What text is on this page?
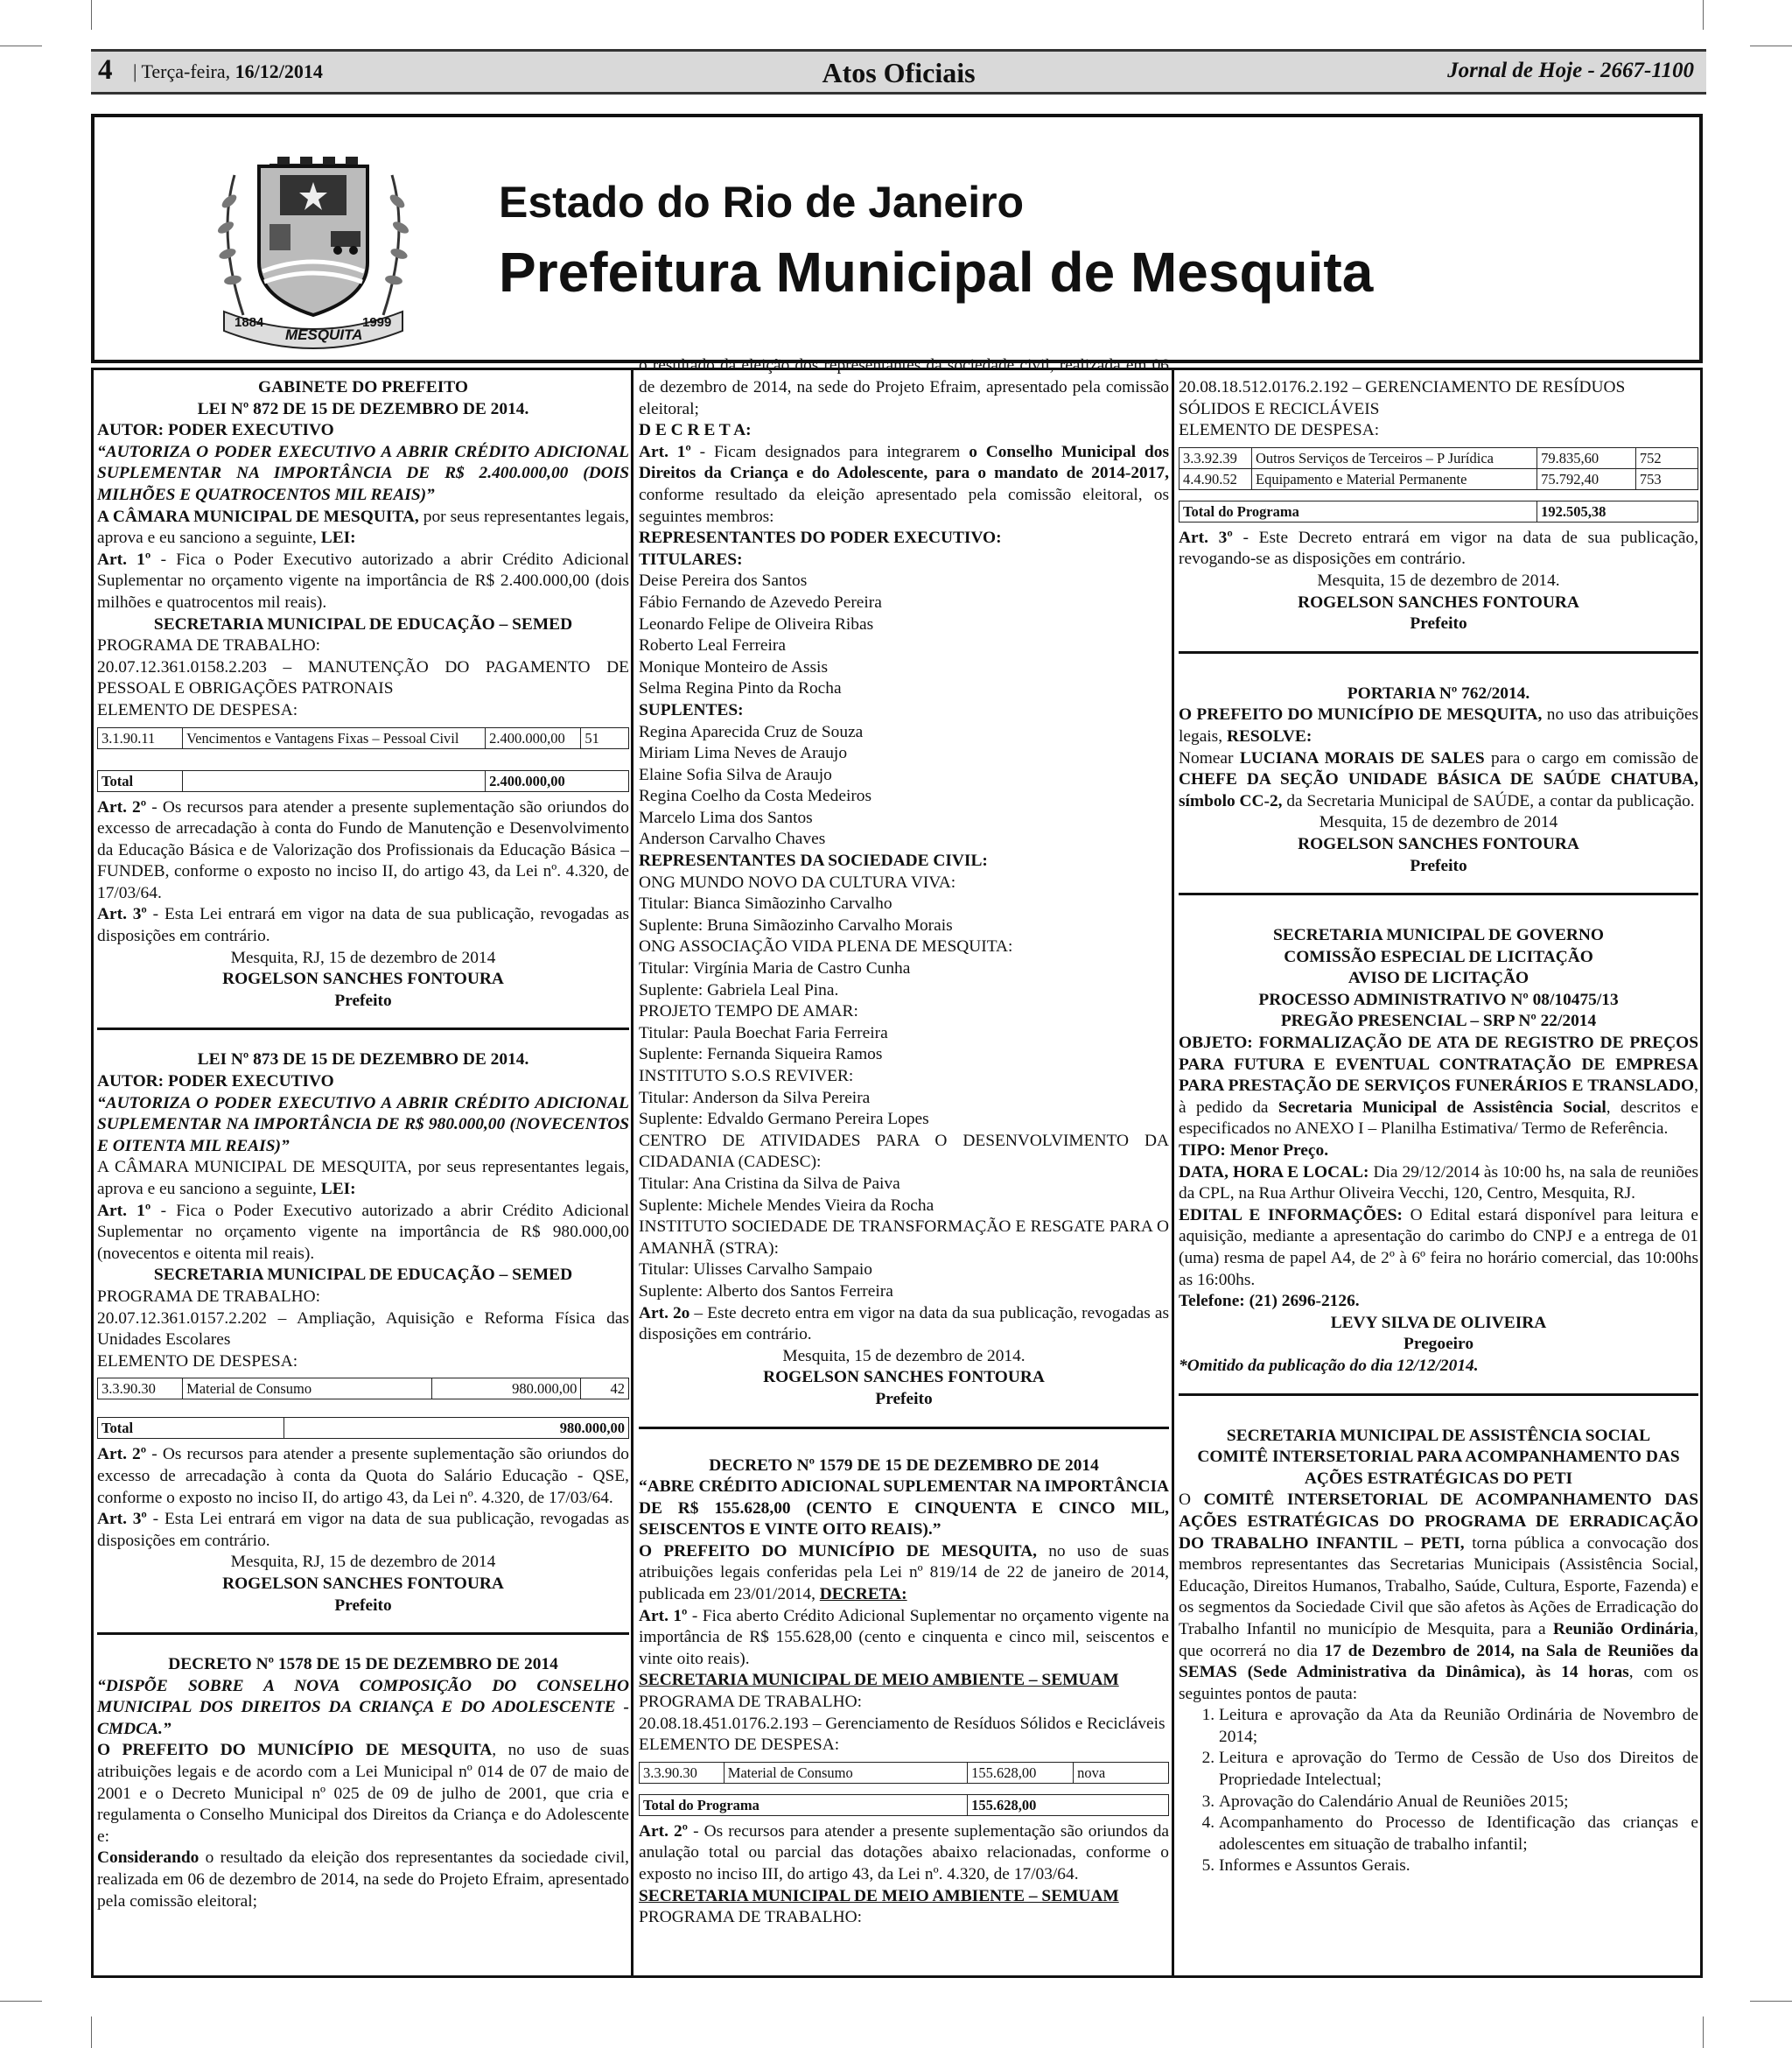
4 | Terça-feira, 16/12/2014	Atos Oficiais	Jornal de Hoje - 2667-1100
1884
MESQUITA
1999
Estado do Rio de Janeiro
Prefeitura Municipal de Mesquita

GABINETE DO PREFEITO

LEI Nº 872 DE 15 DE DEZEMBRO DE 2014.

AUTOR: PODER EXECUTIVO

“AUTORIZA O PODER EXECUTIVO A ABRIR CRÉDITO ADICIONAL SUPLEMENTAR NA IMPORTÂNCIA DE R$ 2.400.000,00 (DOIS MILHÕES E QUATROCENTOS MIL REAIS)”

A CÂMARA MUNICIPAL DE MESQUITA, por seus representantes legais, aprova e eu sanciono a seguinte, LEI:

Art. 1º - Fica o Poder Executivo autorizado a abrir Crédito Adicional Suplementar no orçamento vigente na importância de R$ 2.400.000,00 (dois milhões e quatrocentos mil reais).

SECRETARIA MUNICIPAL DE EDUCAÇÃO – SEMED

PROGRAMA DE TRABALHO:

20.07.12.361.0158.2.203 – MANUTENÇÃO DO PAGAMENTO DE PESSOAL E OBRIGAÇÕES PATRONAIS

ELEMENTO DE DESPESA:

3.1.90.11	Vencimentos e Vantagens Fixas – Pessoal Civil	2.400.000,00	51
Total		2.400.000,00

Art. 2º - Os recursos para atender a presente suplementação são oriundos do excesso de arrecadação à conta do Fundo de Manutenção e Desenvolvimento da Educação Básica e de Valorização dos Profissionais da Educação Básica – FUNDEB, conforme o exposto no inciso II, do artigo 43, da Lei nº. 4.320, de 17/03/64.

Art. 3º - Esta Lei entrará em vigor na data de sua publicação, revogadas as disposições em contrário.

Mesquita, RJ, 15 de dezembro de 2014

ROGELSON SANCHES FONTOURA

Prefeito

LEI Nº 873 DE 15 DE DEZEMBRO DE 2014.

AUTOR: PODER EXECUTIVO

“AUTORIZA O PODER EXECUTIVO A ABRIR CRÉDITO ADICIONAL SUPLEMENTAR NA IMPORTÂNCIA DE R$ 980.000,00 (NOVECENTOS E OITENTA MIL REAIS)”

A CÂMARA MUNICIPAL DE MESQUITA, por seus representantes legais, aprova e eu sanciono a seguinte, LEI:

Art. 1º - Fica o Poder Executivo autorizado a abrir Crédito Adicional Suplementar no orçamento vigente na importância de R$ 980.000,00 (novecentos e oitenta mil reais).

SECRETARIA MUNICIPAL DE EDUCAÇÃO – SEMED

PROGRAMA DE TRABALHO:

20.07.12.361.0157.2.202 – Ampliação, Aquisição e Reforma Física das Unidades Escolares

ELEMENTO DE DESPESA:

3.3.90.30	Material de Consumo	980.000,00	42
Total	980.000,00

Art. 2º - Os recursos para atender a presente suplementação são oriundos do excesso de arrecadação à conta da Quota do Salário Educação - QSE, conforme o exposto no inciso II, do artigo 43, da Lei nº. 4.320, de 17/03/64.

Art. 3º - Esta Lei entrará em vigor na data de sua publicação, revogadas as disposições em contrário.

Mesquita, RJ, 15 de dezembro de 2014

ROGELSON SANCHES FONTOURA

Prefeito

DECRETO Nº 1578 DE 15 DE DEZEMBRO DE 2014

“DISPÕE SOBRE A NOVA COMPOSIÇÃO DO CONSELHO MUNICIPAL DOS DIREITOS DA CRIANÇA E DO ADOLESCENTE - CMDCA.”

O PREFEITO DO MUNICÍPIO DE MESQUITA, no uso de suas atribuições legais e de acordo com a Lei Municipal nº 014 de 07 de maio de 2001 e o Decreto Municipal nº 025 de 09 de julho de 2001, que cria e regulamenta o Conselho Municipal dos Direitos da Criança e do Adolescente e:

Considerando o resultado da eleição dos representantes da sociedade civil, realizada em 06 de dezembro de 2014, na sede do Projeto Efraim, apresentado pela comissão eleitoral;

o resultado da eleição dos representantes da sociedade civil, realizada em 06 de dezembro de 2014, na sede do Projeto Efraim, apresentado pela comissão eleitoral;

D E C R E T A:

Art. 1º - Ficam designados para integrarem o Conselho Municipal dos Direitos da Criança e do Adolescente, para o mandato de 2014-2017, conforme resultado da eleição apresentado pela comissão eleitoral, os seguintes membros:

REPRESENTANTES DO PODER EXECUTIVO:

TITULARES:

Deise Pereira dos Santos

Fábio Fernando de Azevedo Pereira

Leonardo Felipe de Oliveira Ribas

Roberto Leal Ferreira

Monique Monteiro de Assis

Selma Regina Pinto da Rocha

SUPLENTES:

Regina Aparecida Cruz de Souza

Miriam Lima Neves de Araujo

Elaine Sofia Silva de Araujo

Regina Coelho da Costa Medeiros

Marcelo Lima dos Santos

Anderson Carvalho Chaves

REPRESENTANTES DA SOCIEDADE CIVIL:

ONG MUNDO NOVO DA CULTURA VIVA:

Titular: Bianca Simãozinho Carvalho

Suplente: Bruna Simãozinho Carvalho Morais

ONG ASSOCIAÇÃO VIDA PLENA DE MESQUITA:

Titular: Virgínia Maria de Castro Cunha

Suplente: Gabriela Leal Pina.

PROJETO TEMPO DE AMAR:

Titular: Paula Boechat Faria Ferreira

Suplente: Fernanda Siqueira Ramos

INSTITUTO S.O.S REVIVER:

Titular: Anderson da Silva Pereira

Suplente: Edvaldo Germano Pereira Lopes

CENTRO DE ATIVIDADES PARA O DESENVOLVIMENTO DA CIDADANIA (CADESC):

Titular: Ana Cristina da Silva de Paiva

Suplente: Michele Mendes Vieira da Rocha

INSTITUTO SOCIEDADE DE TRANSFORMAÇÃO E RESGATE PARA O AMANHÃ (STRA):

Titular: Ulisses Carvalho Sampaio

Suplente: Alberto dos Santos Ferreira

Art. 2o – Este decreto entra em vigor na data da sua publicação, revogadas as disposições em contrário.

Mesquita, 15 de dezembro de 2014.

ROGELSON SANCHES FONTOURA

Prefeito

DECRETO Nº 1579 DE 15 DE DEZEMBRO DE 2014

“ABRE CRÉDITO ADICIONAL SUPLEMENTAR NA IMPORTÂNCIA DE R$ 155.628,00 (CENTO E CINQUENTA E CINCO MIL, SEISCENTOS E VINTE OITO REAIS).”

O PREFEITO DO MUNICÍPIO DE MESQUITA, no uso de suas atribuições legais conferidas pela Lei nº 819/14 de 22 de janeiro de 2014, publicada em 23/01/2014, DECRETA:

Art. 1º - Fica aberto Crédito Adicional Suplementar no orçamento vigente na importância de R$ 155.628,00 (cento e cinquenta e cinco mil, seiscentos e vinte oito reais).

SECRETARIA MUNICIPAL DE MEIO AMBIENTE – SEMUAM

PROGRAMA DE TRABALHO:

20.08.18.451.0176.2.193 – Gerenciamento de Resíduos Sólidos e Recicláveis

ELEMENTO DE DESPESA:

3.3.90.30	Material de Consumo	155.628,00	nova
Total do Programa	155.628,00

Art. 2º - Os recursos para atender a presente suplementação são oriundos da anulação total ou parcial das dotações abaixo relacionadas, conforme o exposto no inciso III, do artigo 43, da Lei nº. 4.320, de 17/03/64.

SECRETARIA MUNICIPAL DE MEIO AMBIENTE – SEMUAM

PROGRAMA DE TRABALHO:

20.08.18.512.0176.2.192 – GERENCIAMENTO DE RESÍDUOS SÓLIDOS E RECICLÁVEIS

ELEMENTO DE DESPESA:

3.3.92.39	Outros Serviços de Terceiros – P Jurídica	79.835,60	752
4.4.90.52	Equipamento e Material Permanente	75.792,40	753
Total do Programa	192.505,38

Art. 3º - Este Decreto entrará em vigor na data de sua publicação, revogando-se as disposições em contrário.

Mesquita, 15 de dezembro de 2014.

ROGELSON SANCHES FONTOURA

Prefeito

PORTARIA Nº 762/2014.

O PREFEITO DO MUNICÍPIO DE MESQUITA, no uso das atribuições legais, RESOLVE:

Nomear LUCIANA MORAIS DE SALES para o cargo em comissão de CHEFE DA SEÇÃO UNIDADE BÁSICA DE SAÚDE CHATUBA, símbolo CC-2, da Secretaria Municipal de SAÚDE, a contar da publicação.

Mesquita, 15 de dezembro de 2014

ROGELSON SANCHES FONTOURA

Prefeito

SECRETARIA MUNICIPAL DE GOVERNO

COMISSÃO ESPECIAL DE LICITAÇÃO

AVISO DE LICITAÇÃO

PROCESSO ADMINISTRATIVO Nº 08/10475/13

PREGÃO PRESENCIAL – SRP Nº 22/2014

OBJETO: FORMALIZAÇÃO DE ATA DE REGISTRO DE PREÇOS PARA FUTURA E EVENTUAL CONTRATAÇÃO DE EMPRESA PARA PRESTAÇÃO DE SERVIÇOS FUNERÁRIOS E TRANSLADO, à pedido da Secretaria Municipal de Assistência Social, descritos e especificados no ANEXO I – Planilha Estimativa/ Termo de Referência.

TIPO: Menor Preço.

DATA, HORA E LOCAL: Dia 29/12/2014 às 10:00 hs, na sala de reuniões da CPL, na Rua Arthur Oliveira Vecchi, 120, Centro, Mesquita, RJ.

EDITAL E INFORMAÇÕES: O Edital estará disponível para leitura e aquisição, mediante a apresentação do carimbo do CNPJ e a entrega de 01 (uma) resma de papel A4, de 2º à 6º feira no horário comercial, das 10:00hs as 16:00hs.

Telefone: (21) 2696-2126.

LEVY SILVA DE OLIVEIRA

Pregoeiro

*Omitido da publicação do dia 12/12/2014.

SECRETARIA MUNICIPAL DE ASSISTÊNCIA SOCIAL

COMITÊ INTERSETORIAL PARA ACOMPANHAMENTO DAS AÇÕES ESTRATÉGICAS DO PETI

O COMITÊ INTERSETORIAL DE ACOMPANHAMENTO DAS AÇÕES ESTRATÉGICAS DO PROGRAMA DE ERRADICAÇÃO DO TRABALHO INFANTIL – PETI, torna pública a convocação dos membros representantes das Secretarias Municipais (Assistência Social, Educação, Direitos Humanos, Trabalho, Saúde, Cultura, Esporte, Fazenda) e os segmentos da Sociedade Civil que são afetos às Ações de Erradicação do Trabalho Infantil no município de Mesquita, para a Reunião Ordinária, que ocorrerá no dia 17 de Dezembro de 2014, na Sala de Reuniões da SEMAS (Sede Administrativa da Dinâmica), às 14 horas, com os seguintes pontos de pauta:

1. Leitura e aprovação da Ata da Reunião Ordinária de Novembro de 2014;
2. Leitura e aprovação do Termo de Cessão de Uso dos Direitos de Propriedade Intelectual;
3. Aprovação do Calendário Anual de Reuniões 2015;
4. Acompanhamento do Processo de Identificação das crianças e adolescentes em situação de trabalho infantil;
5. Informes e Assuntos Gerais.
